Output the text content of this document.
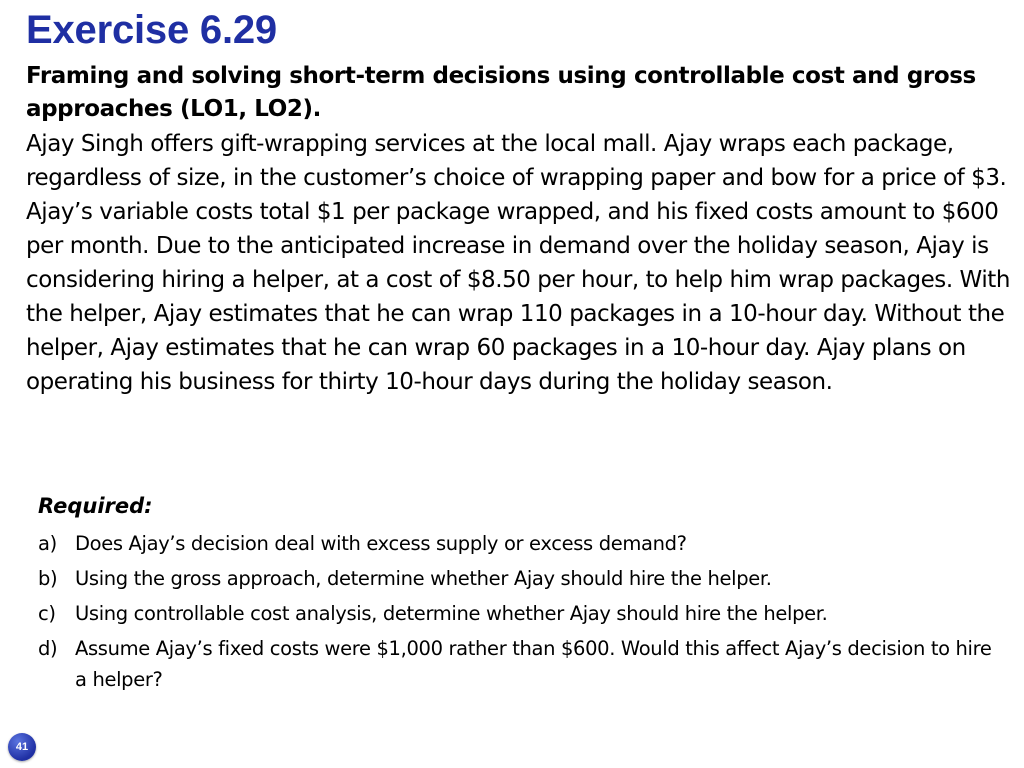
Exercise 6.29

Framing and solving short-term decisions using controllable cost and gross approaches (LO1, LO2).

Ajay Singh offers gift-wrapping services at the local mall. Ajay wraps each package, regardless of size, in the customer’s choice of wrapping paper and bow for a price of $3. Ajay’s variable costs total $1 per package wrapped, and his fixed costs amount to $600 per month. Due to the anticipated increase in demand over the holiday season, Ajay is considering hiring a helper, at a cost of $8.50 per hour, to help him wrap packages. With the helper, Ajay estimates that he can wrap 110 packages in a 10-hour day. Without the helper, Ajay estimates that he can wrap 60 packages in a 10-hour day. Ajay plans on operating his business for thirty 10-hour days during the holiday season.

Required:

a) Does Ajay’s decision deal with excess supply or excess demand?
b) Using the gross approach, determine whether Ajay should hire the helper.
c) Using controllable cost analysis, determine whether Ajay should hire the helper.
d) Assume Ajay’s fixed costs were $1,000 rather than $600. Would this affect Ajay’s decision to hire a helper?
41
